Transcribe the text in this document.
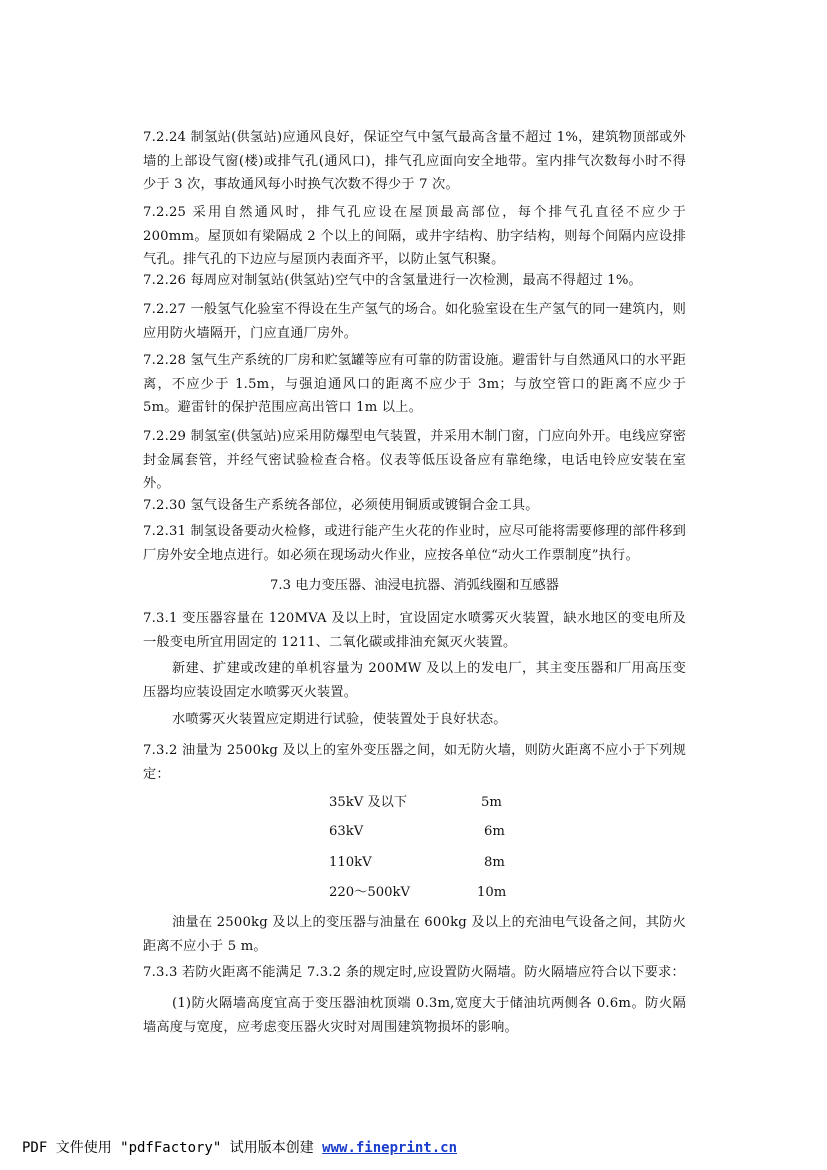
7.2.24 制氢站(供氢站)应通风良好，保证空气中氢气最高含量不超过 1%，建筑物顶部或外墙的上部设气窗(楼)或排气孔(通风口)，排气孔应面向安全地带。室内排气次数每小时不得少于 3 次，事故通风每小时换气次数不得少于 7 次。

7.2.25 采用自然通风时，排气孔应设在屋顶最高部位，每个排气孔直径不应少于 200mm。屋顶如有梁隔成 2 个以上的间隔，或井字结构、肋字结构，则每个间隔内应设排气孔。排气孔的下边应与屋顶内表面齐平，以防止氢气积聚。

7.2.26 每周应对制氢站(供氢站)空气中的含氢量进行一次检测，最高不得超过 1%。

7.2.27 一般氢气化验室不得设在生产氢气的场合。如化验室设在生产氢气的同一建筑内，则应用防火墙隔开，门应直通厂房外。

7.2.28 氢气生产系统的厂房和贮氢罐等应有可靠的防雷设施。避雷针与自然通风口的水平距离，不应少于 1.5m，与强迫通风口的距离不应少于 3m；与放空管口的距离不应少于 5m。避雷针的保护范围应高出管口 1m 以上。

7.2.29 制氢室(供氢站)应采用防爆型电气装置，并采用木制门窗，门应向外开。电线应穿密封金属套管，并经气密试验检查合格。仪表等低压设备应有靠绝缘，电话电铃应安装在室外。

7.2.30 氢气设备生产系统各部位，必须使用铜质或镀铜合金工具。

7.2.31 制氢设备要动火检修，或进行能产生火花的作业时，应尽可能将需要修理的部件移到厂房外安全地点进行。如必须在现场动火作业，应按各单位“动火工作票制度”执行。

7.3 电力变压器、油浸电抗器、消弧线圈和互感器

7.3.1 变压器容量在 120MVA 及以上时，宜设固定水喷雾灭火装置，缺水地区的变电所及一般变电所宜用固定的 1211、二氧化碳或排油充氮灭火装置。

新建、扩建或改建的单机容量为 200MW 及以上的发电厂，其主变压器和厂用高压变压器均应装设固定水喷雾灭火装置。

水喷雾灭火装置应定期进行试验，使装置处于良好状态。

7.3.2 油量为 2500kg 及以上的室外变压器之间，如无防火墙，则防火距离不应小于下列规定：

35kV 及以下	5m
63kV	6m
110kV	8m
220～500kV	10m

油量在 2500kg 及以上的变压器与油量在 600kg 及以上的充油电气设备之间，其防火距离不应小于 5 m。

7.3.3 若防火距离不能满足 7.3.2 条的规定时,应设置防火隔墙。防火隔墙应符合以下要求：

(1)防火隔墙高度宜高于变压器油枕顶端 0.3m,宽度大于储油坑两侧各 0.6m。防火隔墙高度与宽度，应考虑变压器火灾时对周围建筑物损坏的影响。

PDF 文件使用 "pdfFactory" 试用版本创建 www.fineprint.cn
